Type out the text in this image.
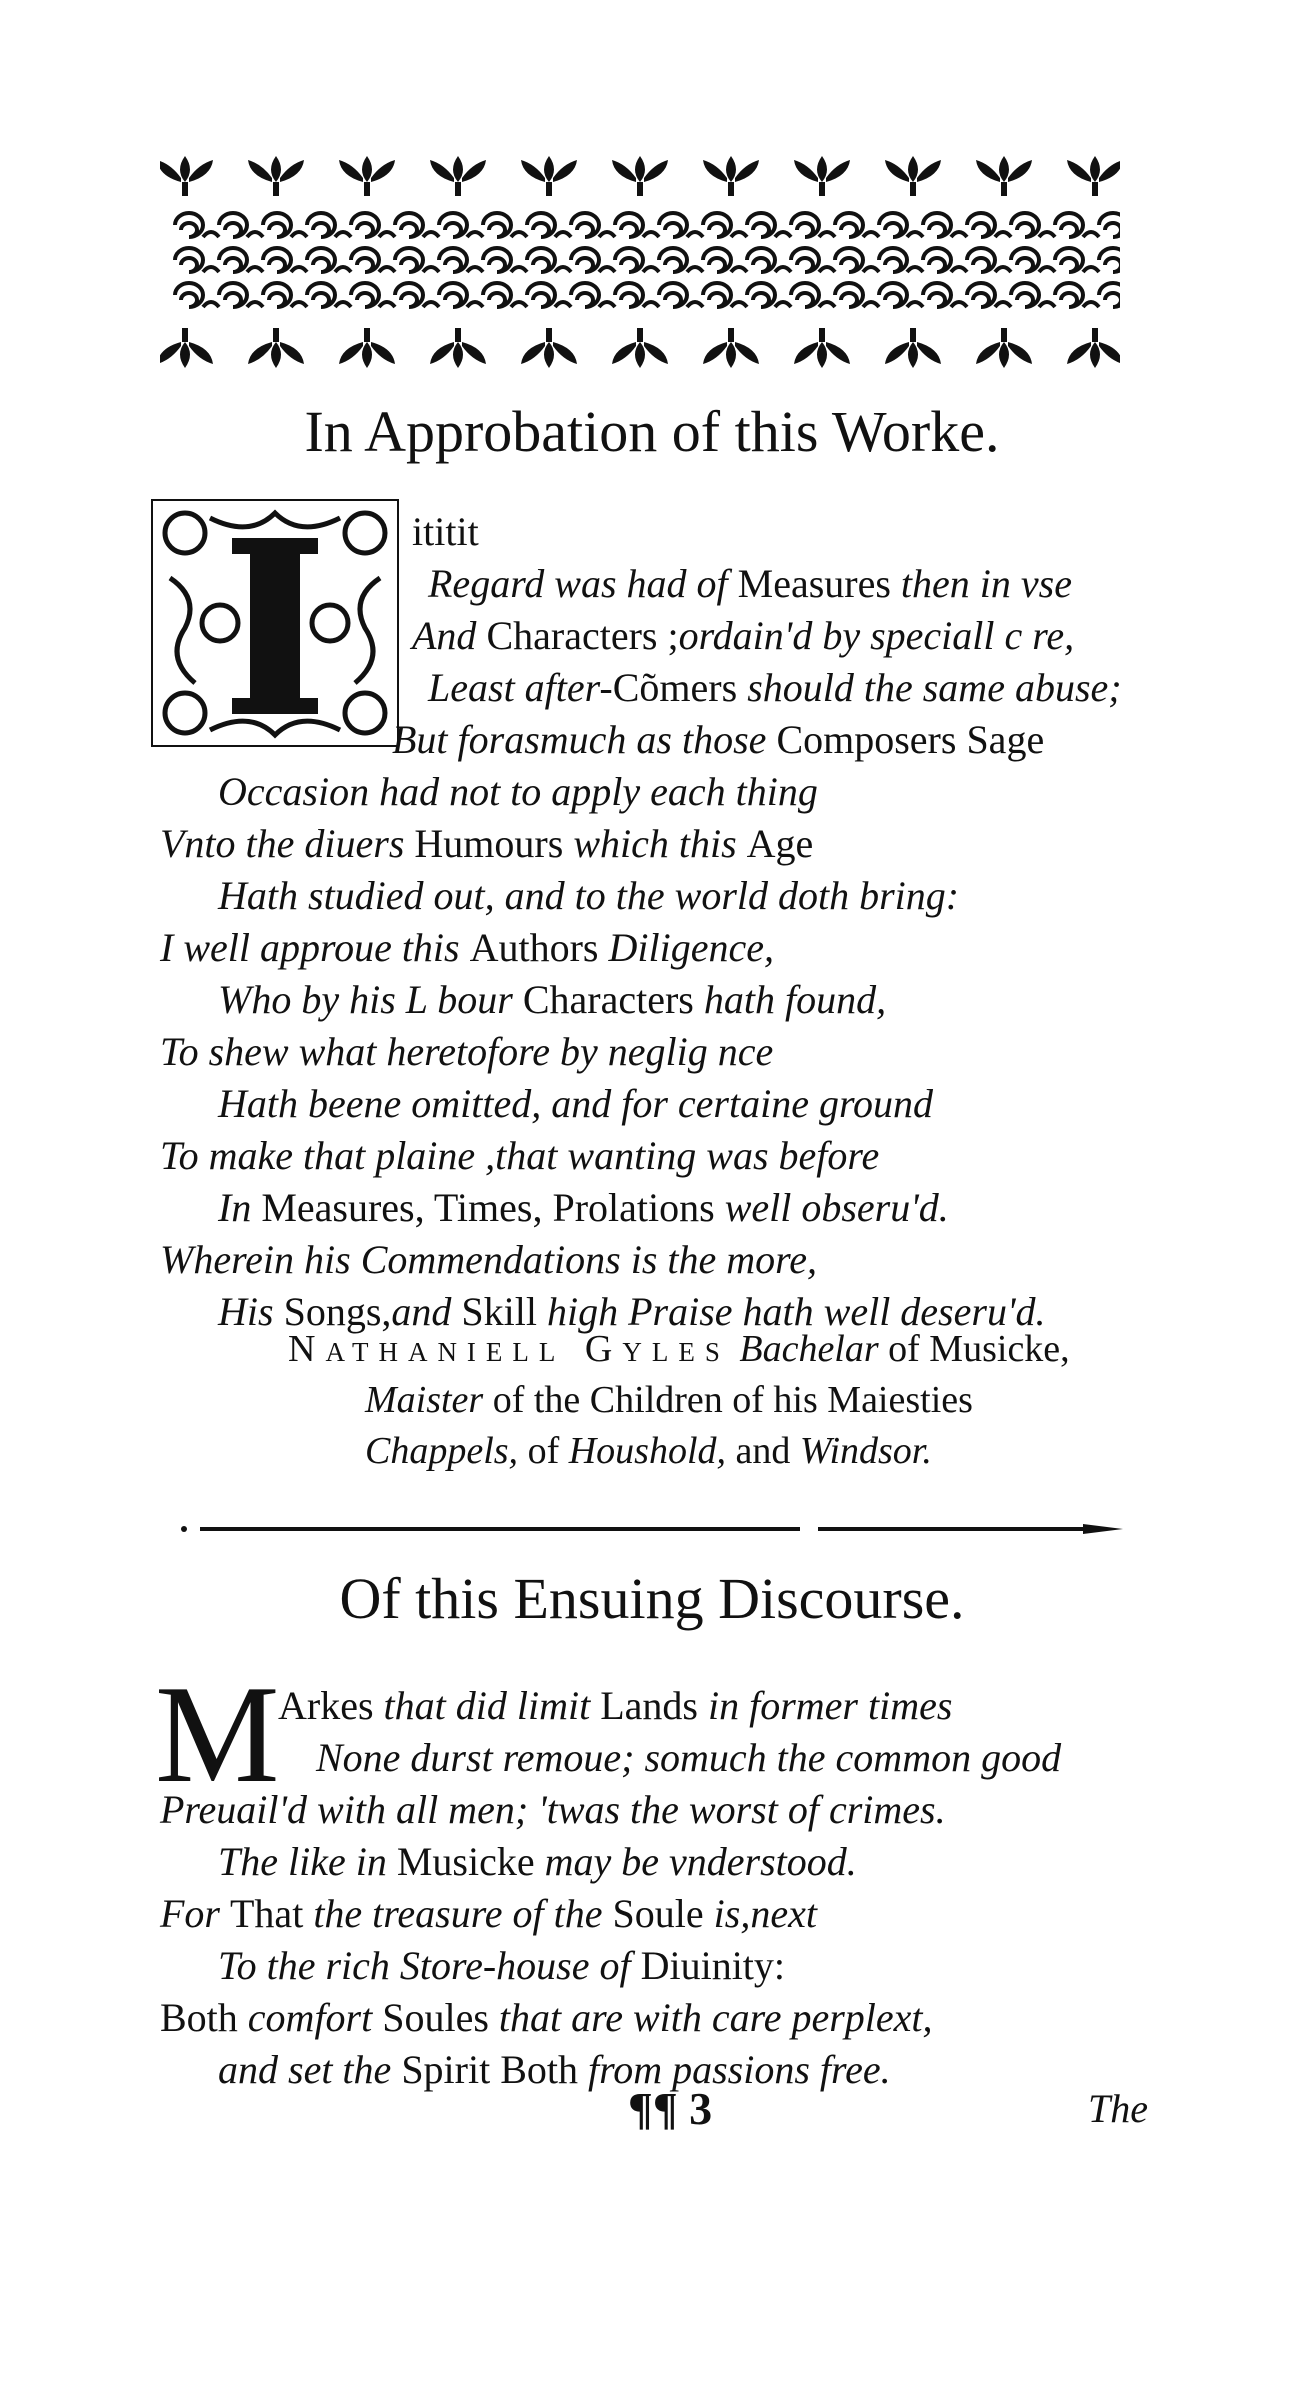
In Approbation of this Worke.
ititit
Regard was had of Measures then in vse
And Characters ;ordain'd by speciall c re,
Least after-Cõmers should the same abuse;
But forasmuch as those Composers Sage
Occasion had not to apply each thing
Vnto the diuers Humours which this Age
Hath studied out, and to the world doth bring:
I well approue this Authors Diligence,
Who by his L bour Characters hath found,
To shew what heretofore by neglig nce
Hath beene omitted, and for certaine ground
To make that plaine ,that wanting was before
In Measures, Times, Prolations well obseru'd.
Wherein his Commendations is the more,
His Songs,and Skill high Praise hath well deseru'd.
Nathaniell Gyles Bachelar of Musicke,
Maister of the Children of his Maiesties
Chappels, of Houshold, and Windsor.
Of this Ensuing Discourse.
M
Arkes that did limit Lands in former times
None durst remoue; somuch the common good
Preuail'd with all men; 'twas the worst of crimes.
The like in Musicke may be vnderstood.
For That the treasure of the Soule is,next
To the rich Store-house of Diuinity:
Both comfort Soules that are with care perplext,
and set the Spirit Both from passions free.
¶¶ 3	The
